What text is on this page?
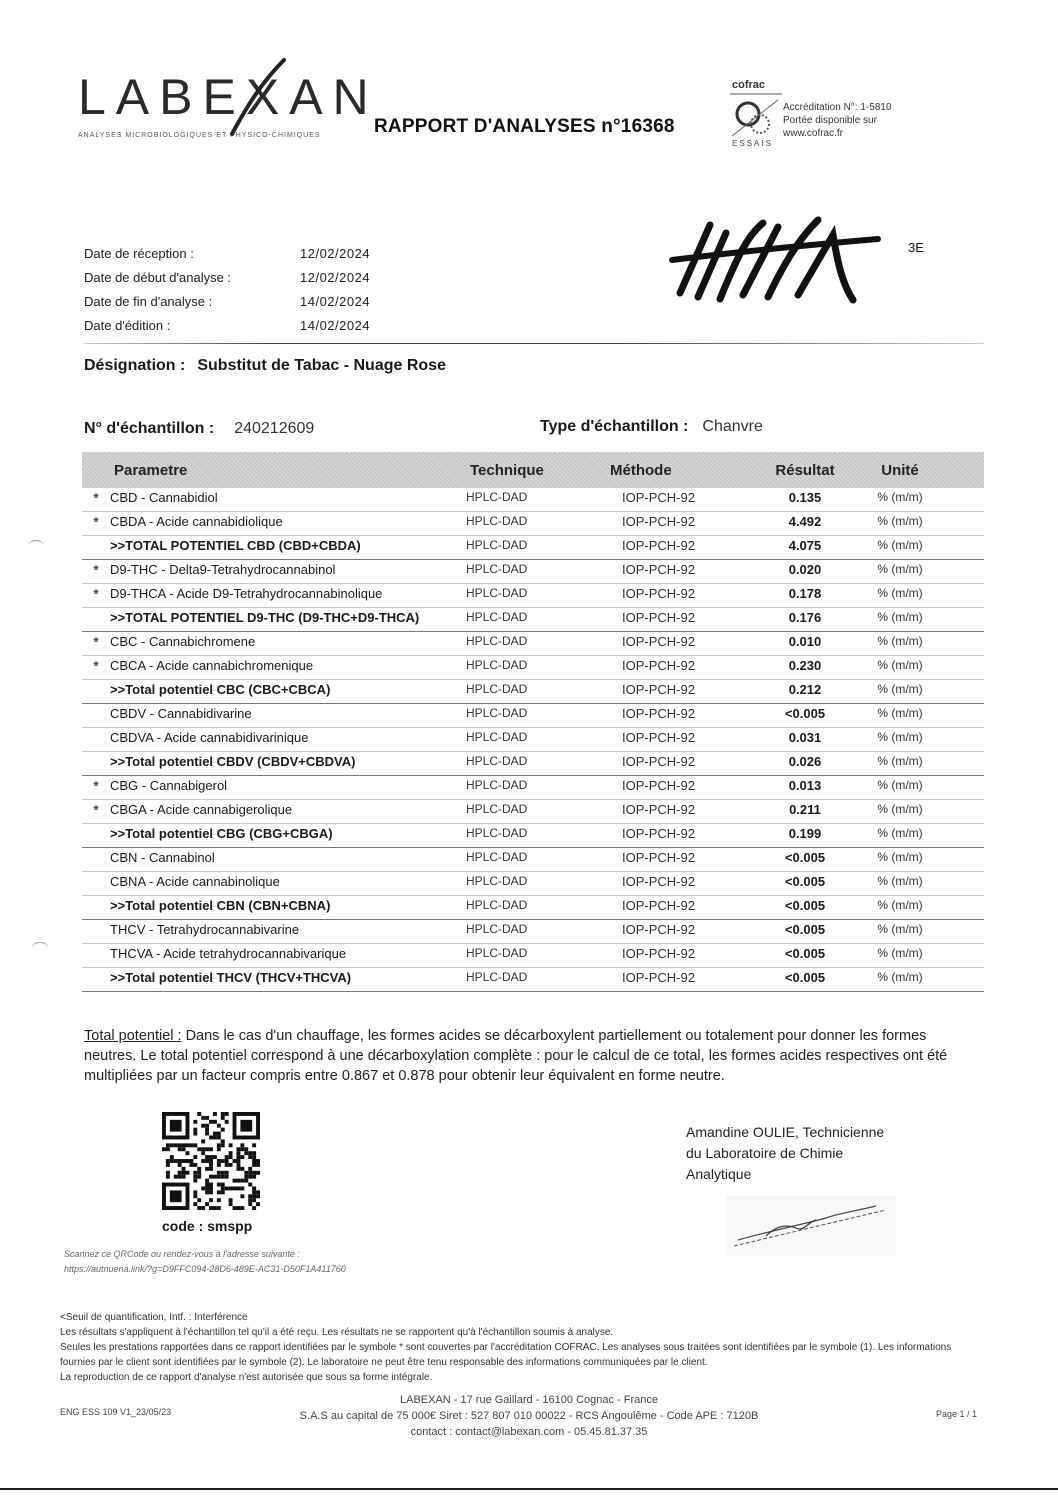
LABEXAN
ANALYSES MICROBIOLOGIQUES ET PHYSICO-CHIMIQUES	RAPPORT D'ANALYSES n°16368
cofrac
ESSAIS
Accréditation N°: 1-5810
Portée disponible sur
www.cofrac.fr
Date de réception :	12/02/2024
Date de début d'analyse :	12/02/2024
Date de fin d'analyse :	14/02/2024
Date d'édition :	14/02/2024
3E
Désignation : Substitut de Tabac - Nuage Rose
N° d'échantillon : 240212609	Type d'échantillon : Chanvre
Parametre	Technique	Méthode	Résultat	Unité
* CBD - Cannabidiol	HPLC-DAD	IOP-PCH-92	0.135	% (m/m)
* CBDA - Acide cannabidiolique	HPLC-DAD	IOP-PCH-92	4.492	% (m/m)
>>TOTAL POTENTIEL CBD (CBD+CBDA)	HPLC-DAD	IOP-PCH-92	4.075	% (m/m)
* D9-THC - Delta9-Tetrahydrocannabinol	HPLC-DAD	IOP-PCH-92	0.020	% (m/m)
* D9-THCA - Acide D9-Tetrahydrocannabinolique	HPLC-DAD	IOP-PCH-92	0.178	% (m/m)
>>TOTAL POTENTIEL D9-THC (D9-THC+D9-THCA)	HPLC-DAD	IOP-PCH-92	0.176	% (m/m)
* CBC - Cannabichromene	HPLC-DAD	IOP-PCH-92	0.010	% (m/m)
* CBCA - Acide cannabichromenique	HPLC-DAD	IOP-PCH-92	0.230	% (m/m)
>>Total potentiel CBC (CBC+CBCA)	HPLC-DAD	IOP-PCH-92	0.212	% (m/m)
CBDV - Cannabidivarine	HPLC-DAD	IOP-PCH-92	<0.005	% (m/m)
CBDVA - Acide cannabidivarinique	HPLC-DAD	IOP-PCH-92	0.031	% (m/m)
>>Total potentiel CBDV (CBDV+CBDVA)	HPLC-DAD	IOP-PCH-92	0.026	% (m/m)
* CBG - Cannabigerol	HPLC-DAD	IOP-PCH-92	0.013	% (m/m)
* CBGA - Acide cannabigerolique	HPLC-DAD	IOP-PCH-92	0.211	% (m/m)
>>Total potentiel CBG (CBG+CBGA)	HPLC-DAD	IOP-PCH-92	0.199	% (m/m)
CBN - Cannabinol	HPLC-DAD	IOP-PCH-92	<0.005	% (m/m)
CBNA - Acide cannabinolique	HPLC-DAD	IOP-PCH-92	<0.005	% (m/m)
>>Total potentiel CBN (CBN+CBNA)	HPLC-DAD	IOP-PCH-92	<0.005	% (m/m)
THCV - Tetrahydrocannabivarine	HPLC-DAD	IOP-PCH-92	<0.005	% (m/m)
THCVA - Acide tetrahydrocannabivarique	HPLC-DAD	IOP-PCH-92	<0.005	% (m/m)
>>Total potentiel THCV (THCV+THCVA)	HPLC-DAD	IOP-PCH-92	<0.005	% (m/m)
Total potentiel : Dans le cas d'un chauffage, les formes acides se décarboxylent partiellement ou totalement pour donner les formes neutres. Le total potentiel correspond à une décarboxylation complète : pour le calcul de ce total, les formes acides respectives ont été multipliées par un facteur compris entre 0.867 et 0.878 pour obtenir leur équivalent en forme neutre.
code : smspp
Scannez ce QRCode ou rendez-vous à l'adresse suivante :
https://autnuena.link/?g=D9FFC094-28D6-489E-AC31-D50F1A411760
Amandine OULIE, Technicienne
du Laboratoire de Chimie
Analytique
<Seuil de quantification, Intf. : Interférence
Les résultats s'appliquent à l'échantillon tel qu'il a été reçu. Les résultats ne se rapportent qu'à l'échantillon soumis à analyse.
Seules les prestations rapportées dans ce rapport identifiées par le symbole * sont couvertes par l'accréditation COFRAC. Les analyses sous traitées sont identifiées par le symbole (1). Les informations
fournies par le client sont identifiées par le symbole (2). Le laboratoire ne peut être tenu responsable des informations communiquées par le client.
La reproduction de ce rapport d'analyse n'est autorisée que sous sa forme intégrale.
ENG ESS 109 V1_23/05/23
LABEXAN - 17 rue Gaillard - 16100 Cognac - France
S.A.S au capital de 75 000€ Siret : 527 807 010 00022 - RCS Angoulême - Code APE : 7120B
contact : contact@labexan.com - 05.45.81.37.35
Page 1 / 1
